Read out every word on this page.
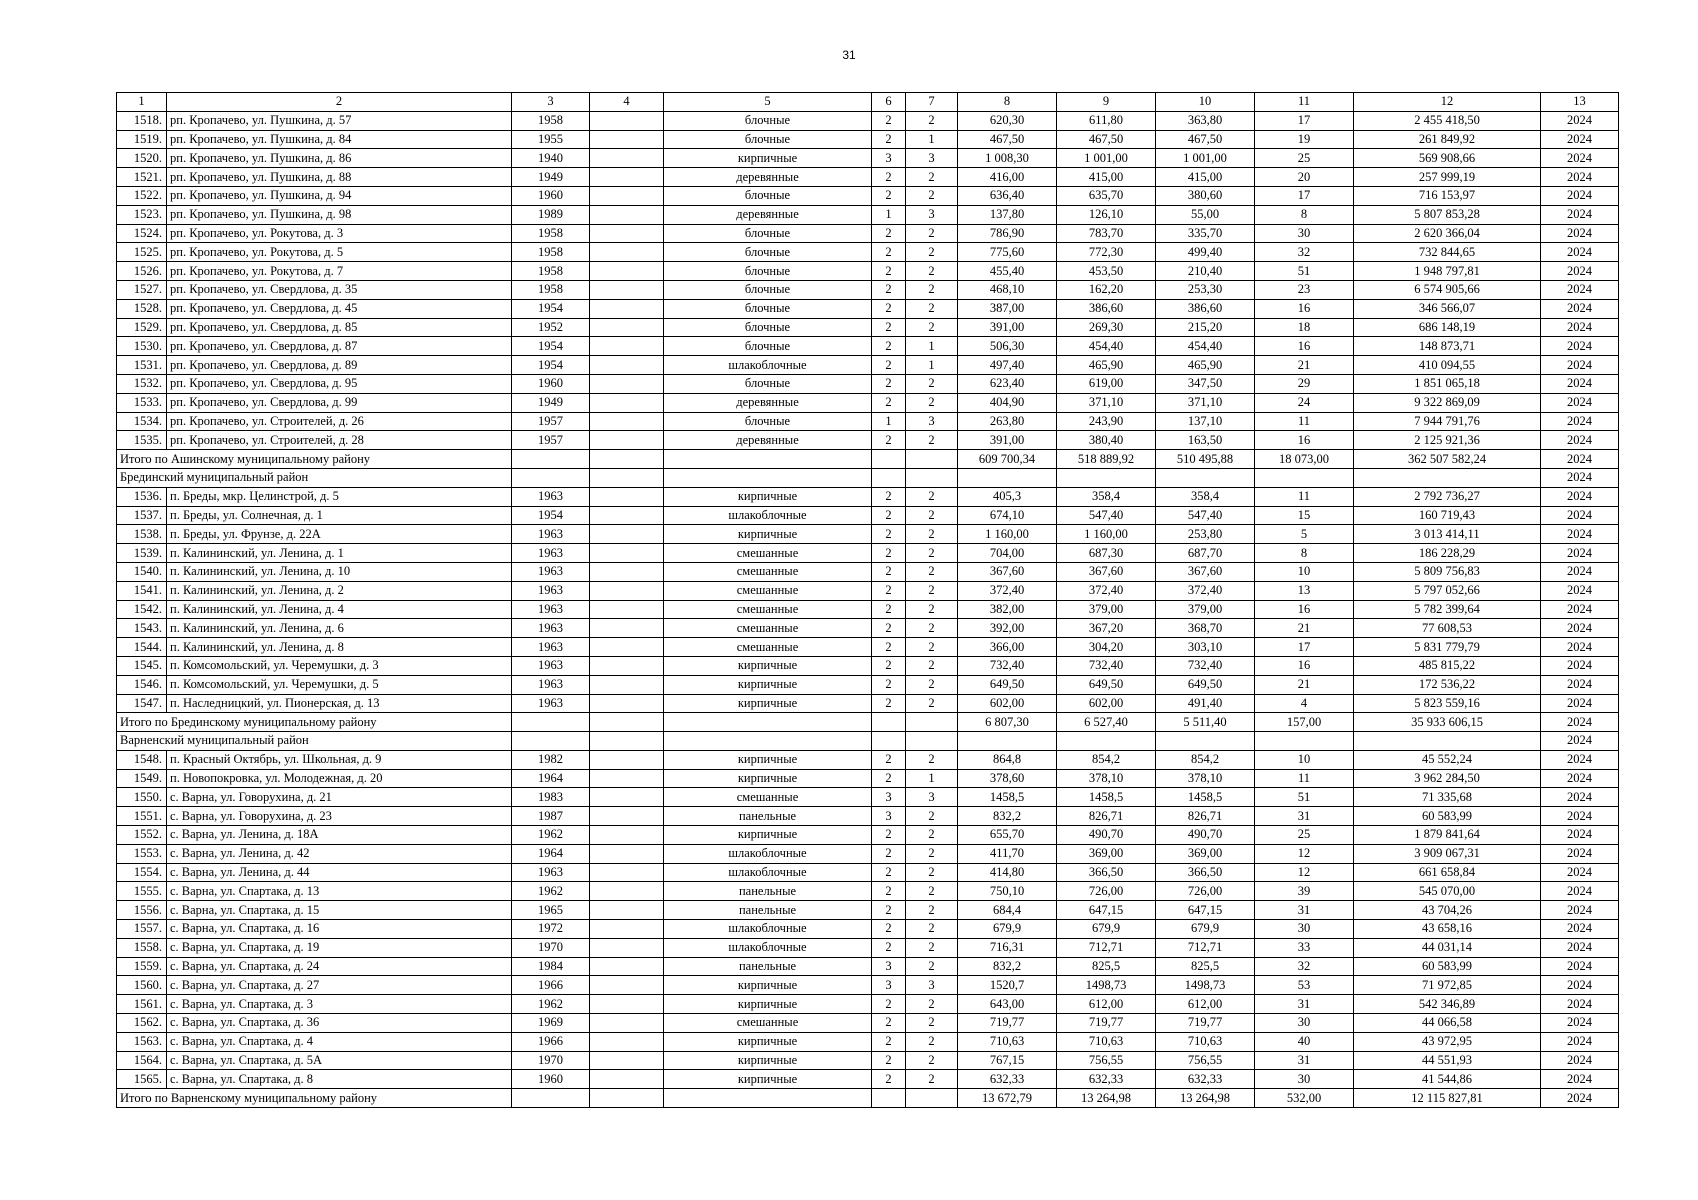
31
1	2	3	4	5	6	7	8	9	10	11	12	13
1518.	рп. Кропачево, ул. Пушкина, д. 57	1958		блочные	2	2	620,30	611,80	363,80	17	2 455 418,50	2024
1519.	рп. Кропачево, ул. Пушкина, д. 84	1955		блочные	2	1	467,50	467,50	467,50	19	261 849,92	2024
1520.	рп. Кропачево, ул. Пушкина, д. 86	1940		кирпичные	3	3	1 008,30	1 001,00	1 001,00	25	569 908,66	2024
1521.	рп. Кропачево, ул. Пушкина, д. 88	1949		деревянные	2	2	416,00	415,00	415,00	20	257 999,19	2024
1522.	рп. Кропачево, ул. Пушкина, д. 94	1960		блочные	2	2	636,40	635,70	380,60	17	716 153,97	2024
1523.	рп. Кропачево, ул. Пушкина, д. 98	1989		деревянные	1	3	137,80	126,10	55,00	8	5 807 853,28	2024
1524.	рп. Кропачево, ул. Рокутова, д. 3	1958		блочные	2	2	786,90	783,70	335,70	30	2 620 366,04	2024
1525.	рп. Кропачево, ул. Рокутова, д. 5	1958		блочные	2	2	775,60	772,30	499,40	32	732 844,65	2024
1526.	рп. Кропачево, ул. Рокутова, д. 7	1958		блочные	2	2	455,40	453,50	210,40	51	1 948 797,81	2024
1527.	рп. Кропачево, ул. Свердлова, д. 35	1958		блочные	2	2	468,10	162,20	253,30	23	6 574 905,66	2024
1528.	рп. Кропачево, ул. Свердлова, д. 45	1954		блочные	2	2	387,00	386,60	386,60	16	346 566,07	2024
1529.	рп. Кропачево, ул. Свердлова, д. 85	1952		блочные	2	2	391,00	269,30	215,20	18	686 148,19	2024
1530.	рп. Кропачево, ул. Свердлова, д. 87	1954		блочные	2	1	506,30	454,40	454,40	16	148 873,71	2024
1531.	рп. Кропачево, ул. Свердлова, д. 89	1954		шлакоблочные	2	1	497,40	465,90	465,90	21	410 094,55	2024
1532.	рп. Кропачево, ул. Свердлова, д. 95	1960		блочные	2	2	623,40	619,00	347,50	29	1 851 065,18	2024
1533.	рп. Кропачево, ул. Свердлова, д. 99	1949		деревянные	2	2	404,90	371,10	371,10	24	9 322 869,09	2024
1534.	рп. Кропачево, ул. Строителей, д. 26	1957		блочные	1	3	263,80	243,90	137,10	11	7 944 791,76	2024
1535.	рп. Кропачево, ул. Строителей, д. 28	1957		деревянные	2	2	391,00	380,40	163,50	16	2 125 921,36	2024
Итого по Ашинскому муниципальному району							609 700,34	518 889,92	510 495,88	18 073,00	362 507 582,24	2024
Брединский муниципальный район												2024
1536.	п. Бреды, мкр. Целинстрой, д. 5	1963		кирпичные	2	2	405,3	358,4	358,4	11	2 792 736,27	2024
1537.	п. Бреды, ул. Солнечная, д. 1	1954		шлакоблочные	2	2	674,10	547,40	547,40	15	160 719,43	2024
1538.	п. Бреды, ул. Фрунзе, д. 22А	1963		кирпичные	2	2	1 160,00	1 160,00	253,80	5	3 013 414,11	2024
1539.	п. Калининский, ул. Ленина, д. 1	1963		смешанные	2	2	704,00	687,30	687,70	8	186 228,29	2024
1540.	п. Калининский, ул. Ленина, д. 10	1963		смешанные	2	2	367,60	367,60	367,60	10	5 809 756,83	2024
1541.	п. Калининский, ул. Ленина, д. 2	1963		смешанные	2	2	372,40	372,40	372,40	13	5 797 052,66	2024
1542.	п. Калининский, ул. Ленина, д. 4	1963		смешанные	2	2	382,00	379,00	379,00	16	5 782 399,64	2024
1543.	п. Калининский, ул. Ленина, д. 6	1963		смешанные	2	2	392,00	367,20	368,70	21	77 608,53	2024
1544.	п. Калининский, ул. Ленина, д. 8	1963		смешанные	2	2	366,00	304,20	303,10	17	5 831 779,79	2024
1545.	п. Комсомольский, ул. Черемушки, д. 3	1963		кирпичные	2	2	732,40	732,40	732,40	16	485 815,22	2024
1546.	п. Комсомольский, ул. Черемушки, д. 5	1963		кирпичные	2	2	649,50	649,50	649,50	21	172 536,22	2024
1547.	п. Наследницкий, ул. Пионерская, д. 13	1963		кирпичные	2	2	602,00	602,00	491,40	4	5 823 559,16	2024
Итого по Брединскому муниципальному району							6 807,30	6 527,40	5 511,40	157,00	35 933 606,15	2024
Варненский муниципальный район												2024
1548.	п. Красный Октябрь, ул. Школьная, д. 9	1982		кирпичные	2	2	864,8	854,2	854,2	10	45 552,24	2024
1549.	п. Новопокровка, ул. Молодежная, д. 20	1964		кирпичные	2	1	378,60	378,10	378,10	11	3 962 284,50	2024
1550.	с. Варна, ул. Говорухина, д. 21	1983		смешанные	3	3	1458,5	1458,5	1458,5	51	71 335,68	2024
1551.	с. Варна, ул. Говорухина, д. 23	1987		панельные	3	2	832,2	826,71	826,71	31	60 583,99	2024
1552.	с. Варна, ул. Ленина, д. 18А	1962		кирпичные	2	2	655,70	490,70	490,70	25	1 879 841,64	2024
1553.	с. Варна, ул. Ленина, д. 42	1964		шлакоблочные	2	2	411,70	369,00	369,00	12	3 909 067,31	2024
1554.	с. Варна, ул. Ленина, д. 44	1963		шлакоблочные	2	2	414,80	366,50	366,50	12	661 658,84	2024
1555.	с. Варна, ул. Спартака, д. 13	1962		панельные	2	2	750,10	726,00	726,00	39	545 070,00	2024
1556.	с. Варна, ул. Спартака, д. 15	1965		панельные	2	2	684,4	647,15	647,15	31	43 704,26	2024
1557.	с. Варна, ул. Спартака, д. 16	1972		шлакоблочные	2	2	679,9	679,9	679,9	30	43 658,16	2024
1558.	с. Варна, ул. Спартака, д. 19	1970		шлакоблочные	2	2	716,31	712,71	712,71	33	44 031,14	2024
1559.	с. Варна, ул. Спартака, д. 24	1984		панельные	3	2	832,2	825,5	825,5	32	60 583,99	2024
1560.	с. Варна, ул. Спартака, д. 27	1966		кирпичные	3	3	1520,7	1498,73	1498,73	53	71 972,85	2024
1561.	с. Варна, ул. Спартака, д. 3	1962		кирпичные	2	2	643,00	612,00	612,00	31	542 346,89	2024
1562.	с. Варна, ул. Спартака, д. 36	1969		смешанные	2	2	719,77	719,77	719,77	30	44 066,58	2024
1563.	с. Варна, ул. Спартака, д. 4	1966		кирпичные	2	2	710,63	710,63	710,63	40	43 972,95	2024
1564.	с. Варна, ул. Спартака, д. 5А	1970		кирпичные	2	2	767,15	756,55	756,55	31	44 551,93	2024
1565.	с. Варна, ул. Спартака, д. 8	1960		кирпичные	2	2	632,33	632,33	632,33	30	41 544,86	2024
Итого по Варненскому муниципальному району							13 672,79	13 264,98	13 264,98	532,00	12 115 827,81	2024
